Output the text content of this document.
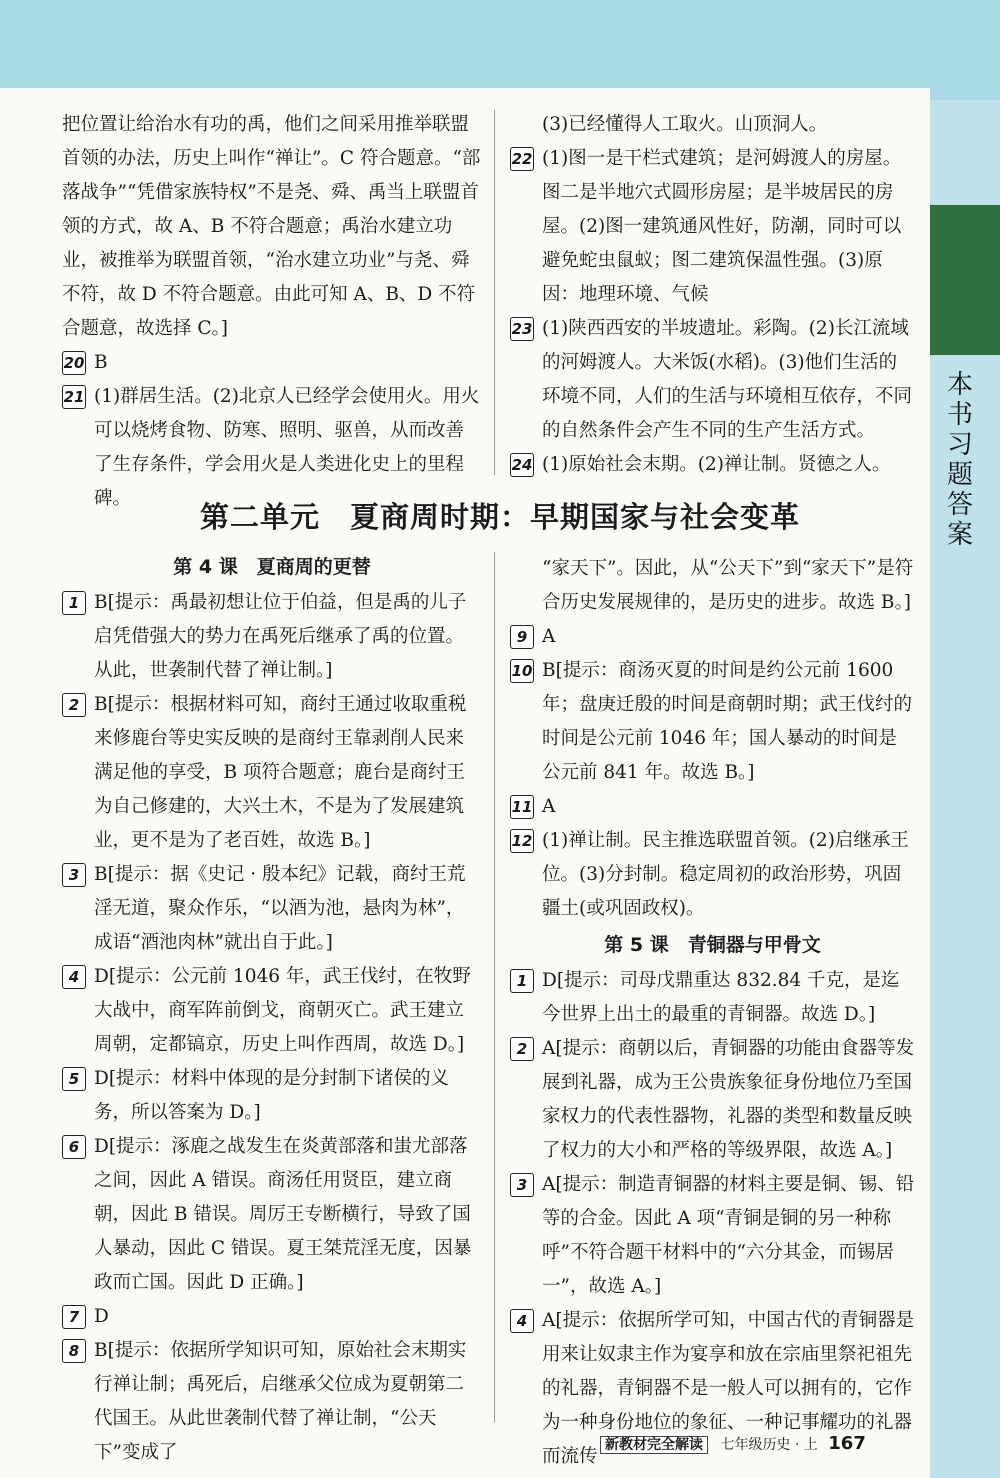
本书习题答案

把位置让给治水有功的禹，他们之间采用推举联盟首领的办法，历史上叫作“禅让”。C 符合题意。“部落战争”“凭借家族特权”不是尧、舜、禹当上联盟首领的方式，故 A、B 不符合题意；禹治水建立功业，被推举为联盟首领，“治水建立功业”与尧、舜不符，故 D 不符合题意。由此可知 A、B、D 不符合题意，故选择 C。]

20 B
21 (1)群居生活。(2)北京人已经学会使用火。用火可以烧烤食物、防寒、照明、驱兽，从而改善了生存条件，学会用火是人类进化史上的里程碑。

(3)已经懂得人工取火。山顶洞人。

22 (1)图一是干栏式建筑；是河姆渡人的房屋。图二是半地穴式圆形房屋；是半坡居民的房屋。(2)图一建筑通风性好，防潮，同时可以避免蛇虫鼠蚁；图二建筑保温性强。(3)原因：地理环境、气候
23 (1)陕西西安的半坡遗址。彩陶。(2)长江流域的河姆渡人。大米饭(水稻)。(3)他们生活的环境不同，人们的生活与环境相互依存，不同的自然条件会产生不同的生产生活方式。
24 (1)原始社会末期。(2)禅让制。贤德之人。
第二单元　夏商周时期：早期国家与社会变革
第 4 课　夏商周的更替
1 B[提示：禹最初想让位于伯益，但是禹的儿子启凭借强大的势力在禹死后继承了禹的位置。从此，世袭制代替了禅让制。]
2 B[提示：根据材料可知，商纣王通过收取重税来修鹿台等史实反映的是商纣王靠剥削人民来满足他的享受，B 项符合题意；鹿台是商纣王为自己修建的，大兴土木，不是为了发展建筑业，更不是为了老百姓，故选 B。]
3 B[提示：据《史记 · 殷本纪》记载，商纣王荒淫无道，聚众作乐，“以酒为池，悬肉为林”，成语“酒池肉林”就出自于此。]
4 D[提示：公元前 1046 年，武王伐纣，在牧野大战中，商军阵前倒戈，商朝灭亡。武王建立周朝，定都镐京，历史上叫作西周，故选 D。]
5 D[提示：材料中体现的是分封制下诸侯的义务，所以答案为 D。]
6 D[提示：涿鹿之战发生在炎黄部落和蚩尤部落之间，因此 A 错误。商汤任用贤臣，建立商朝，因此 B 错误。周厉王专断横行，导致了国人暴动，因此 C 错误。夏王桀荒淫无度，因暴政而亡国。因此 D 正确。]
7 D
8 B[提示：依据所学知识可知，原始社会末期实行禅让制；禹死后，启继承父位成为夏朝第二代国王。从此世袭制代替了禅让制，“公天下”变成了

“家天下”。因此，从“公天下”到“家天下”是符合历史发展规律的，是历史的进步。故选 B。]

9 A
10 B[提示：商汤灭夏的时间是约公元前 1600 年；盘庚迁殷的时间是商朝时期；武王伐纣的时间是公元前 1046 年；国人暴动的时间是公元前 841 年。故选 B。]
11 A
12 (1)禅让制。民主推选联盟首领。(2)启继承王位。(3)分封制。稳定周初的政治形势，巩固疆土(或巩固政权)。
第 5 课　青铜器与甲骨文
1 D[提示：司母戊鼎重达 832.84 千克，是迄今世界上出土的最重的青铜器。故选 D。]
2 A[提示：商朝以后，青铜器的功能由食器等发展到礼器，成为王公贵族象征身份地位乃至国家权力的代表性器物，礼器的类型和数量反映了权力的大小和严格的等级界限，故选 A。]
3 A[提示：制造青铜器的材料主要是铜、锡、铅等的合金。因此 A 项“青铜是铜的另一种称呼”不符合题干材料中的“六分其金，而锡居一”，故选 A。]
4 A[提示：依据所学可知，中国古代的青铜器是用来让奴隶主作为宴享和放在宗庙里祭祀祖先的礼器，青铜器不是一般人可以拥有的，它作为一种身份地位的象征、一种记事耀功的礼器而流传
新教材完全解读 七年级历史 · 上 167
